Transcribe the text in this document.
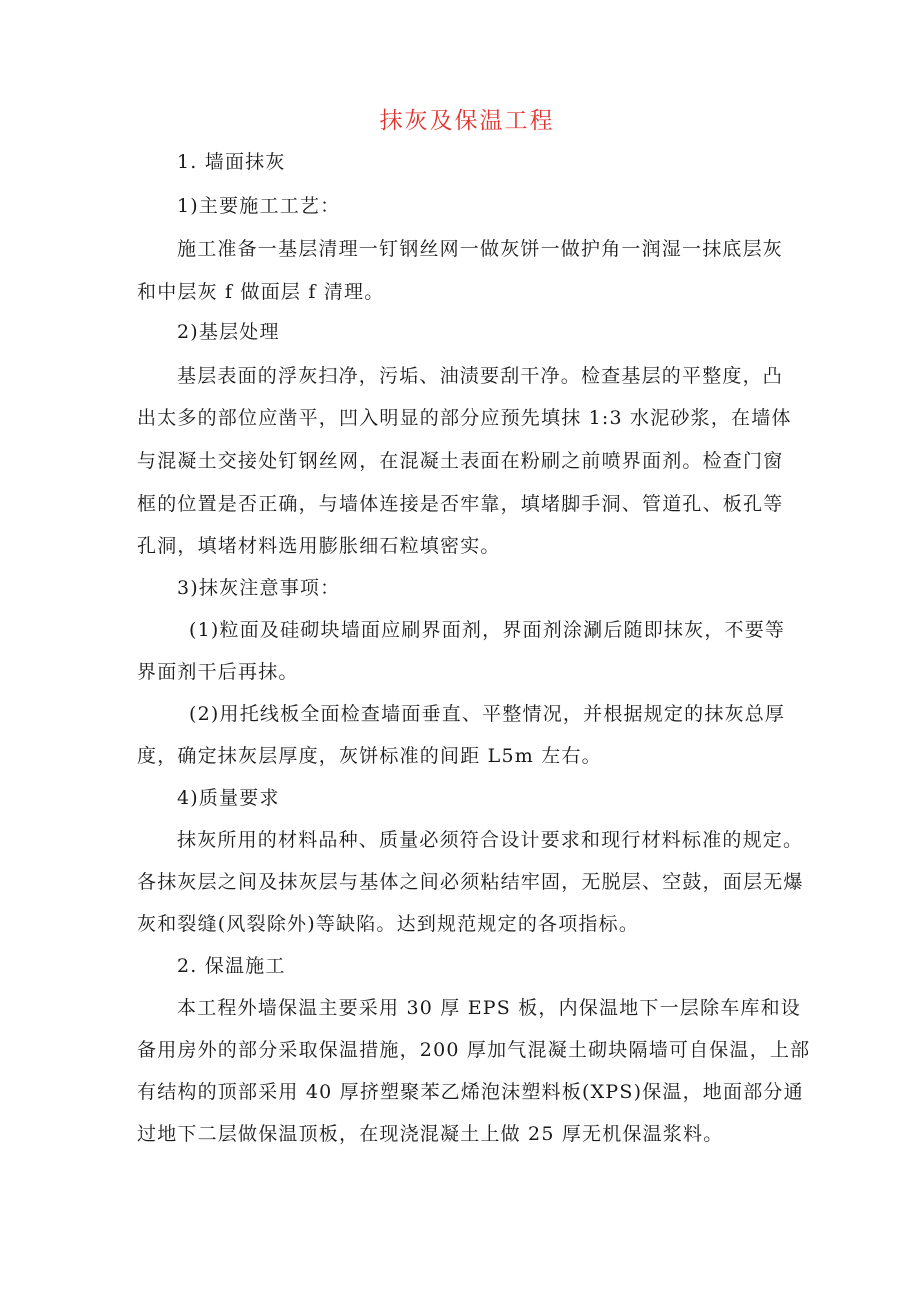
抹灰及保温工程
1. 墙面抹灰
1)主要施工工艺：
施工准备一基层清理一钉钢丝网一做灰饼一做护角一润湿一抹底层灰
和中层灰 f 做面层 f 清理。
2)基层处理
基层表面的浮灰扫净，污垢、油渍要刮干净。检查基层的平整度，凸
出太多的部位应凿平，凹入明显的部分应预先填抹 1:3 水泥砂浆，在墙体
与混凝土交接处钉钢丝网，在混凝土表面在粉刷之前喷界面剂。检查门窗
框的位置是否正确，与墙体连接是否牢靠，填堵脚手洞、管道孔、板孔等
孔洞，填堵材料选用膨胀细石粒填密实。
3)抹灰注意事项：
(1)粒面及硅砌块墙面应刷界面剂，界面剂涂涮后随即抹灰，不要等
界面剂干后再抹。
(2)用托线板全面检查墙面垂直、平整情况，并根据规定的抹灰总厚
度，确定抹灰层厚度，灰饼标准的间距 L5m 左右。
4)质量要求
抹灰所用的材料品种、质量必须符合设计要求和现行材料标准的规定。
各抹灰层之间及抹灰层与基体之间必须粘结牢固，无脱层、空鼓，面层无爆
灰和裂缝(风裂除外)等缺陷。达到规范规定的各项指标。
2. 保温施工
本工程外墙保温主要采用 30 厚 EPS 板，内保温地下一层除车库和设
备用房外的部分采取保温措施，200 厚加气混凝土砌块隔墙可自保温，上部
有结构的顶部采用 40 厚挤塑聚苯乙烯泡沫塑料板(XPS)保温，地面部分通
过地下二层做保温顶板，在现浇混凝土上做 25 厚无机保温浆料。
